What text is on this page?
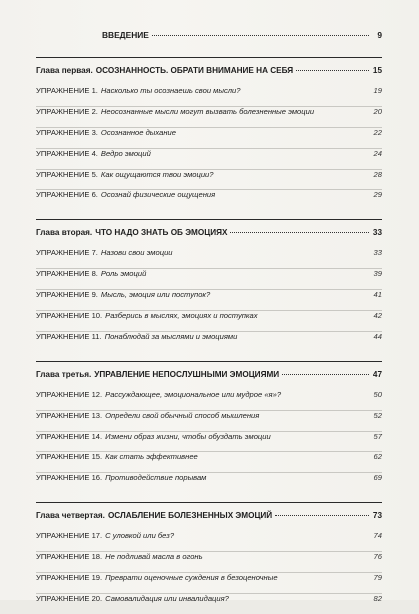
ВВЕДЕНИЕ	9
Глава первая. ОСОЗНАННОСТЬ. ОБРАТИ ВНИМАНИЕ НА СЕБЯ	15
УПРАЖНЕНИЕ 1. Насколько ты осознаешь свои мысли?	19
УПРАЖНЕНИЕ 2. Неосознанные мысли могут вызвать болезненные эмоции	20
УПРАЖНЕНИЕ 3. Осознанное дыхание	22
УПРАЖНЕНИЕ 4. Ведро эмоций	24
УПРАЖНЕНИЕ 5. Как ощущаются твои эмоции?	28
УПРАЖНЕНИЕ 6. Осознай физические ощущения	29
Глава вторая. ЧТО НАДО ЗНАТЬ ОБ ЭМОЦИЯХ	33
УПРАЖНЕНИЕ 7. Назови свои эмоции	33
УПРАЖНЕНИЕ 8. Роль эмоций	39
УПРАЖНЕНИЕ 9. Мысль, эмоция или поступок?	41
УПРАЖНЕНИЕ 10. Разберись в мыслях, эмоциях и поступках	42
УПРАЖНЕНИЕ 11. Понаблюдай за мыслями и эмоциями	44
Глава третья. УПРАВЛЕНИЕ НЕПОСЛУШНЫМИ ЭМОЦИЯМИ	47
УПРАЖНЕНИЕ 12. Рассуждающее, эмоциональное или мудрое «я»?	50
УПРАЖНЕНИЕ 13. Определи свой обычный способ мышления	52
УПРАЖНЕНИЕ 14. Измени образ жизни, чтобы обуздать эмоции	57
УПРАЖНЕНИЕ 15. Как стать эффективнее	62
УПРАЖНЕНИЕ 16. Противодействие порывам	69
Глава четвертая. ОСЛАБЛЕНИЕ БОЛЕЗНЕННЫХ ЭМОЦИЙ	73
УПРАЖНЕНИЕ 17. С уловкой или без?	74
УПРАЖНЕНИЕ 18. Не подливай масла в огонь	76
УПРАЖНЕНИЕ 19. Преврати оценочные суждения в безоценочные	79
УПРАЖНЕНИЕ 20. Самовалидация или инвалидация?	82
